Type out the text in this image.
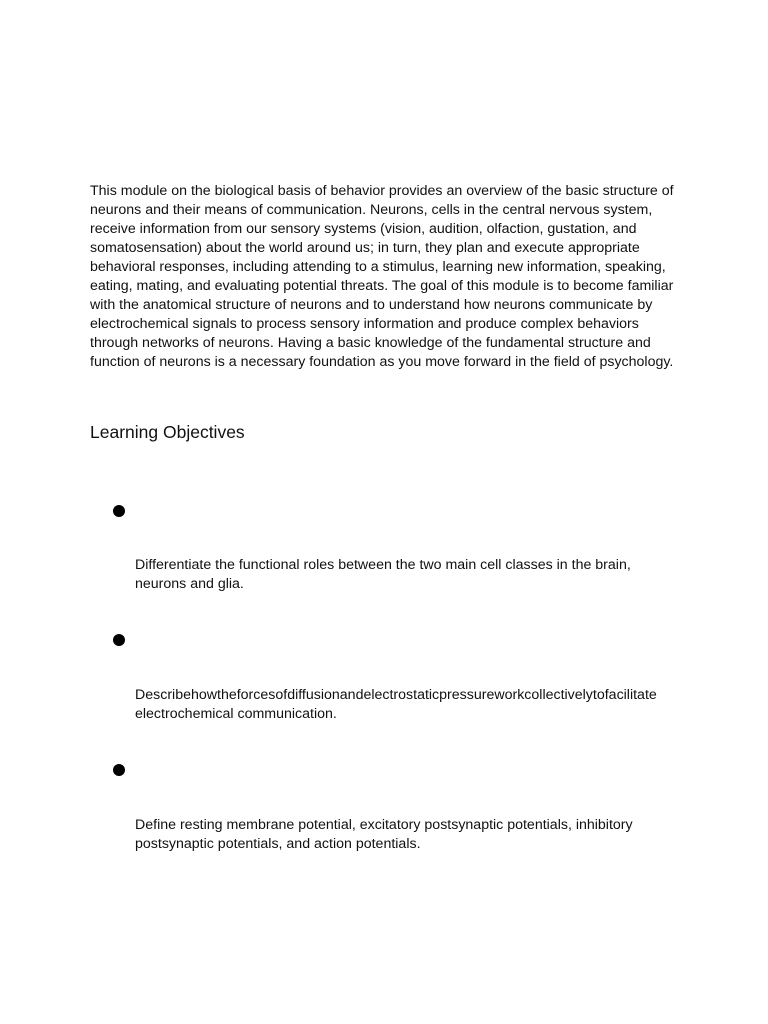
This module on the biological basis of behavior provides an overview of the basic structure of neurons and their means of communication. Neurons, cells in the central nervous system, receive information from our sensory systems (vision, audition, olfaction, gustation, and somatosensation) about the world around us; in turn, they plan and execute appropriate behavioral responses, including attending to a stimulus, learning new information, speaking, eating, mating, and evaluating potential threats. The goal of this module is to become familiar with the anatomical structure of neurons and to understand how neurons communicate by electrochemical signals to process sensory information and produce complex behaviors through networks of neurons. Having a basic knowledge of the fundamental structure and function of neurons is a necessary foundation as you move forward in the field of psychology.

Learning Objectives

Differentiate the functional roles between the two main cell classes in the brain, neurons and glia.

Describehowtheforcesofdiffusionandelectrostaticpressureworkcollectivelytofacilitate electrochemical communication.

Define resting membrane potential, excitatory postsynaptic potentials, inhibitory postsynaptic potentials, and action potentials.
